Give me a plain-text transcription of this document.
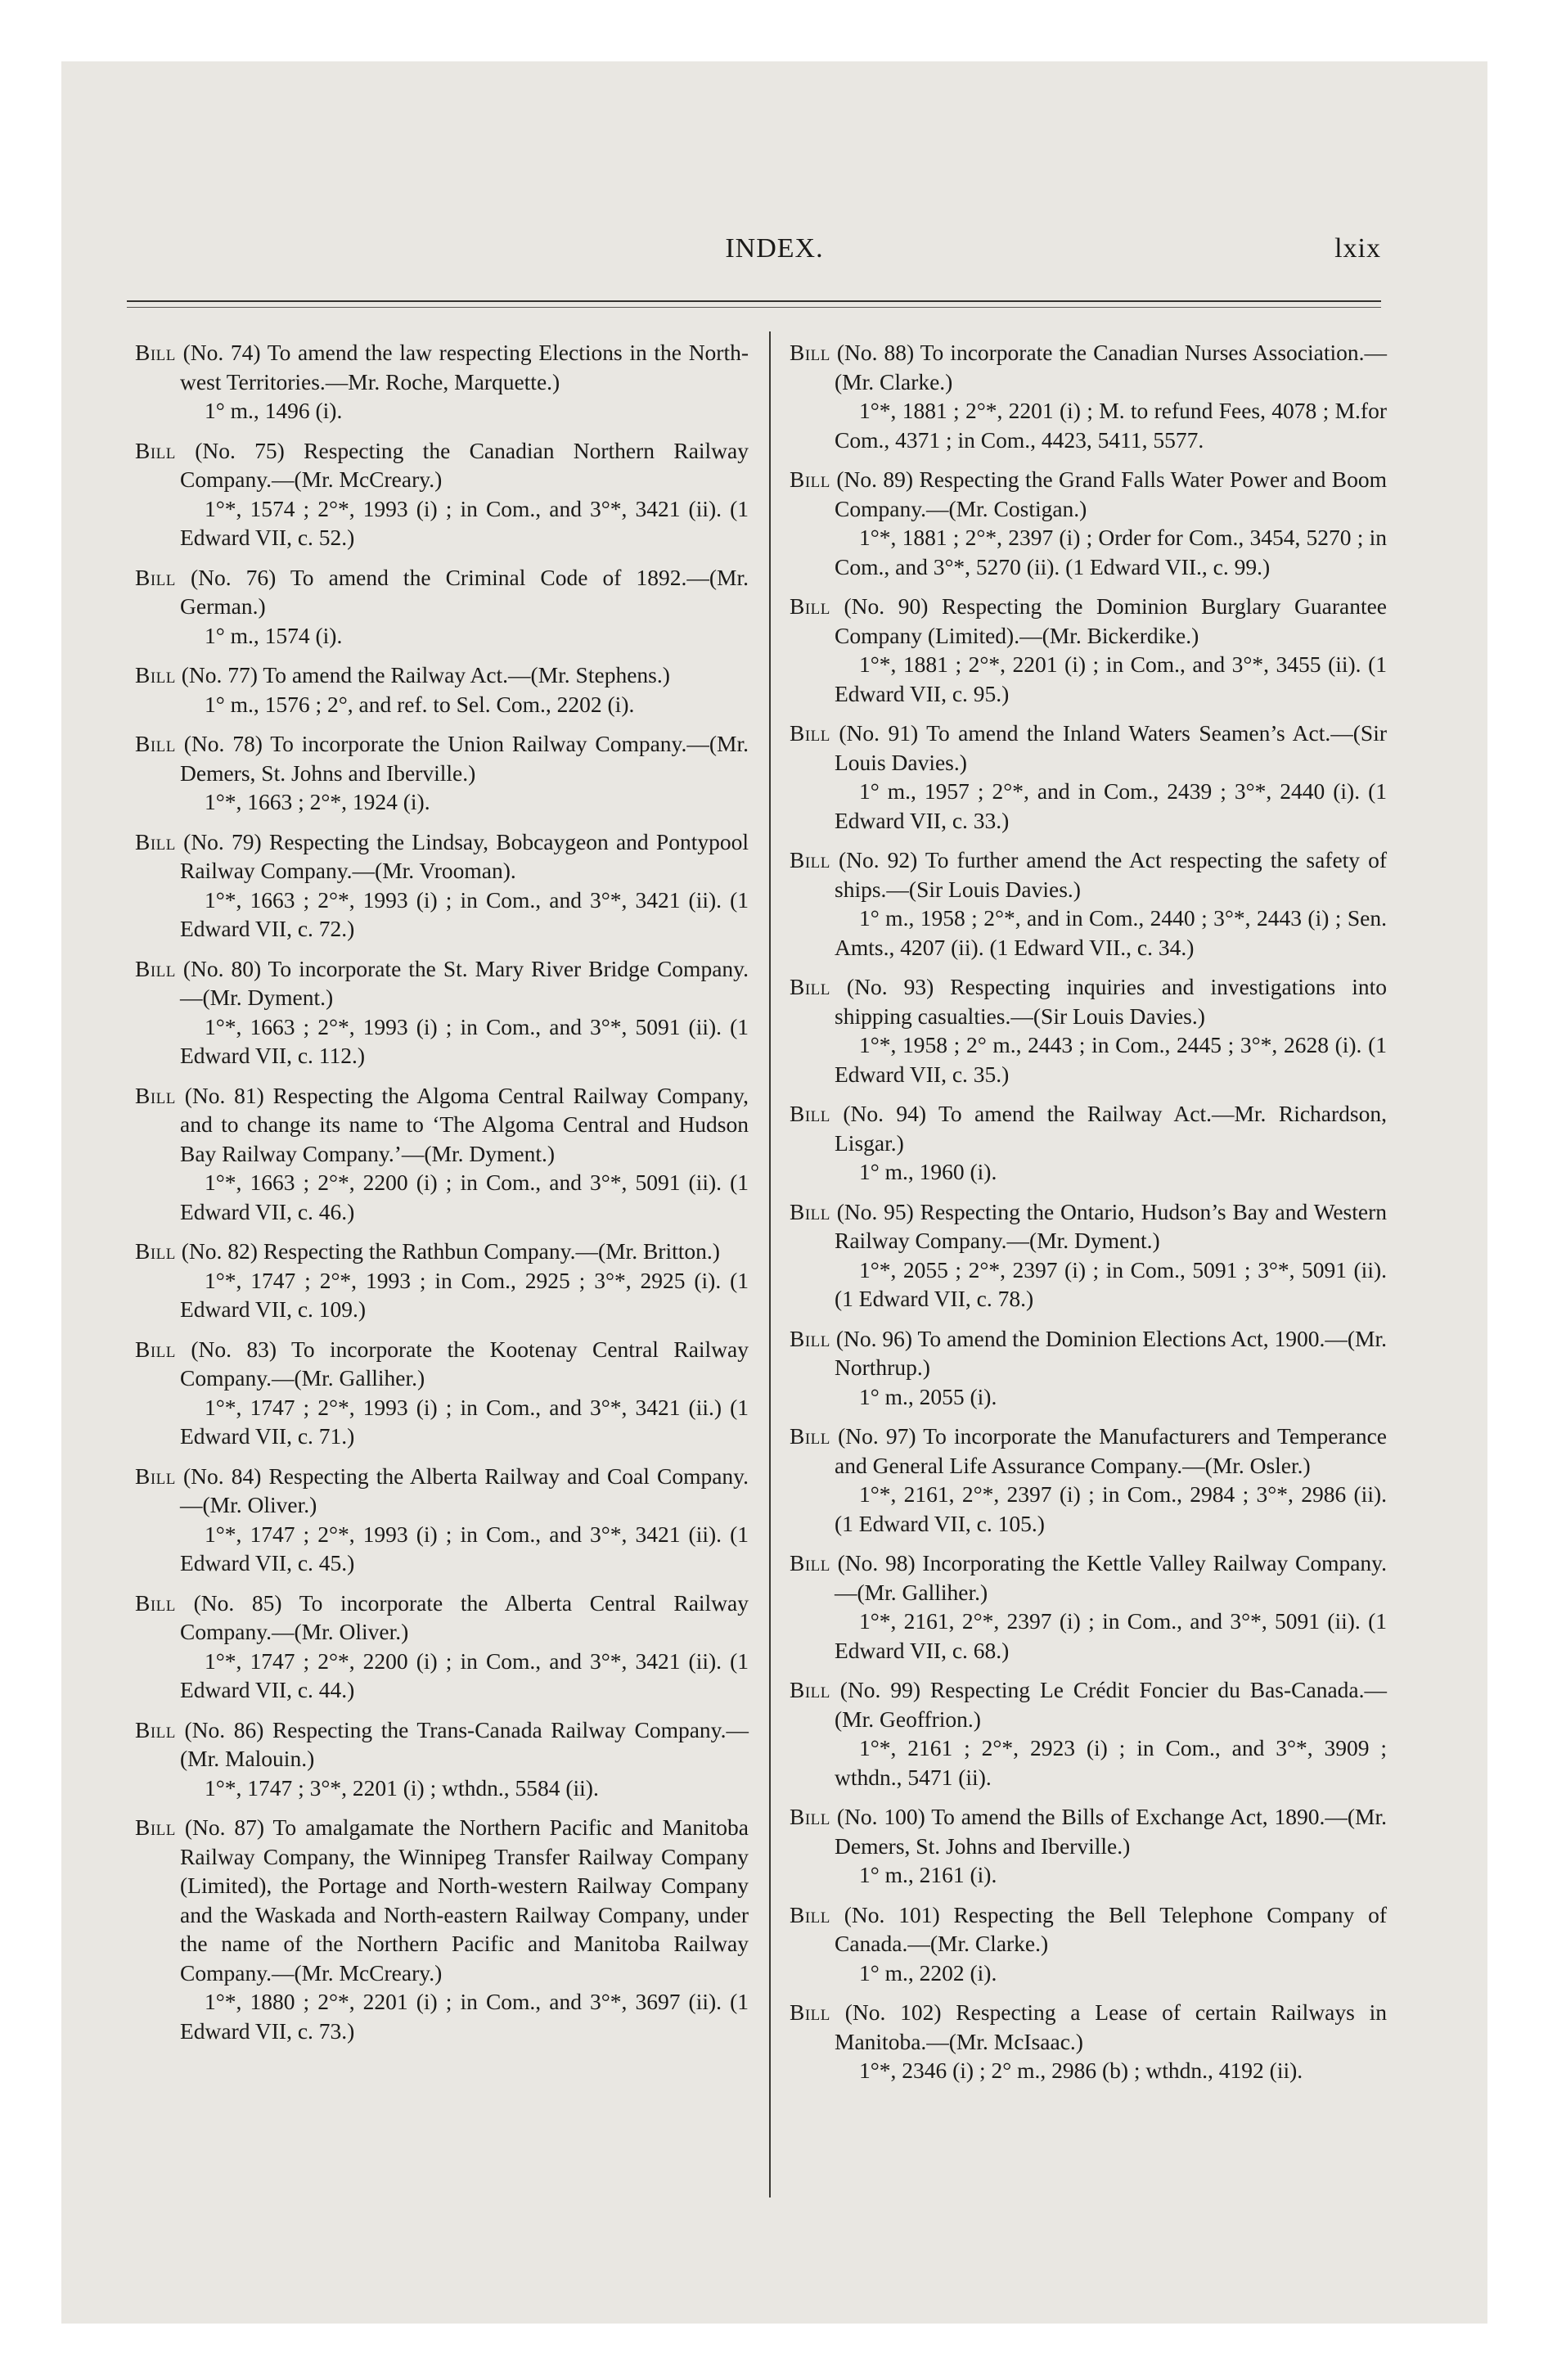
INDEX.	lxix
Bill (No. 74) To amend the law respecting Elections in the North-west Territories.—Mr. Roche, Marquette.)
1° m., 1496 (i).
Bill (No. 75) Respecting the Canadian Northern Railway Company.—(Mr. McCreary.)
1°*, 1574 ; 2°*, 1993 (i) ; in Com., and 3°*, 3421 (ii). (1 Edward VII, c. 52.)
Bill (No. 76) To amend the Criminal Code of 1892.—(Mr. German.)
1° m., 1574 (i).
Bill (No. 77) To amend the Railway Act.—(Mr. Stephens.)
1° m., 1576 ; 2°, and ref. to Sel. Com., 2202 (i).
Bill (No. 78) To incorporate the Union Railway Company.—(Mr. Demers, St. Johns and Iberville.)
1°*, 1663 ; 2°*, 1924 (i).
Bill (No. 79) Respecting the Lindsay, Bobcaygeon and Pontypool Railway Company.—(Mr. Vrooman).
1°*, 1663 ; 2°*, 1993 (i) ; in Com., and 3°*, 3421 (ii). (1 Edward VII, c. 72.)
Bill (No. 80) To incorporate the St. Mary River Bridge Company.—(Mr. Dyment.)
1°*, 1663 ; 2°*, 1993 (i) ; in Com., and 3°*, 5091 (ii). (1 Edward VII, c. 112.)
Bill (No. 81) Respecting the Algoma Central Railway Company, and to change its name to ‘The Algoma Central and Hudson Bay Railway Company.’—(Mr. Dyment.)
1°*, 1663 ; 2°*, 2200 (i) ; in Com., and 3°*, 5091 (ii). (1 Edward VII, c. 46.)
Bill (No. 82) Respecting the Rathbun Company.—(Mr. Britton.)
1°*, 1747 ; 2°*, 1993 ; in Com., 2925 ; 3°*, 2925 (i). (1 Edward VII, c. 109.)
Bill (No. 83) To incorporate the Kootenay Central Railway Company.—(Mr. Galliher.)
1°*, 1747 ; 2°*, 1993 (i) ; in Com., and 3°*, 3421 (ii.) (1 Edward VII, c. 71.)
Bill (No. 84) Respecting the Alberta Railway and Coal Company.—(Mr. Oliver.)
1°*, 1747 ; 2°*, 1993 (i) ; in Com., and 3°*, 3421 (ii). (1 Edward VII, c. 45.)
Bill (No. 85) To incorporate the Alberta Central Railway Company.—(Mr. Oliver.)
1°*, 1747 ; 2°*, 2200 (i) ; in Com., and 3°*, 3421 (ii). (1 Edward VII, c. 44.)
Bill (No. 86) Respecting the Trans-Canada Railway Company.—(Mr. Malouin.)
1°*, 1747 ; 3°*, 2201 (i) ; wthdn., 5584 (ii).
Bill (No. 87) To amalgamate the Northern Pacific and Manitoba Railway Company, the Winnipeg Transfer Railway Company (Limited), the Portage and North-western Railway Company and the Waskada and North-eastern Railway Company, under the name of the Northern Pacific and Manitoba Railway Company.—(Mr. McCreary.)
1°*, 1880 ; 2°*, 2201 (i) ; in Com., and 3°*, 3697 (ii). (1 Edward VII, c. 73.)
Bill (No. 88) To incorporate the Canadian Nurses Association.—(Mr. Clarke.)
1°*, 1881 ; 2°*, 2201 (i) ; M. to refund Fees, 4078 ; M.for Com., 4371 ; in Com., 4423, 5411, 5577.
Bill (No. 89) Respecting the Grand Falls Water Power and Boom Company.—(Mr. Costigan.)
1°*, 1881 ; 2°*, 2397 (i) ; Order for Com., 3454, 5270 ; in Com., and 3°*, 5270 (ii). (1 Edward VII., c. 99.)
Bill (No. 90) Respecting the Dominion Burglary Guarantee Company (Limited).—(Mr. Bickerdike.)
1°*, 1881 ; 2°*, 2201 (i) ; in Com., and 3°*, 3455 (ii). (1 Edward VII, c. 95.)
Bill (No. 91) To amend the Inland Waters Seamen’s Act.—(Sir Louis Davies.)
1° m., 1957 ; 2°*, and in Com., 2439 ; 3°*, 2440 (i). (1 Edward VII, c. 33.)
Bill (No. 92) To further amend the Act respecting the safety of ships.—(Sir Louis Davies.)
1° m., 1958 ; 2°*, and in Com., 2440 ; 3°*, 2443 (i) ; Sen. Amts., 4207 (ii). (1 Edward VII., c. 34.)
Bill (No. 93) Respecting inquiries and investigations into shipping casualties.—(Sir Louis Davies.)
1°*, 1958 ; 2° m., 2443 ; in Com., 2445 ; 3°*, 2628 (i). (1 Edward VII, c. 35.)
Bill (No. 94) To amend the Railway Act.—Mr. Richardson, Lisgar.)
1° m., 1960 (i).
Bill (No. 95) Respecting the Ontario, Hudson’s Bay and Western Railway Company.—(Mr. Dyment.)
1°*, 2055 ; 2°*, 2397 (i) ; in Com., 5091 ; 3°*, 5091 (ii). (1 Edward VII, c. 78.)
Bill (No. 96) To amend the Dominion Elections Act, 1900.—(Mr. Northrup.)
1° m., 2055 (i).
Bill (No. 97) To incorporate the Manufacturers and Temperance and General Life Assurance Company.—(Mr. Osler.)
1°*, 2161, 2°*, 2397 (i) ; in Com., 2984 ; 3°*, 2986 (ii). (1 Edward VII, c. 105.)
Bill (No. 98) Incorporating the Kettle Valley Railway Company.—(Mr. Galliher.)
1°*, 2161, 2°*, 2397 (i) ; in Com., and 3°*, 5091 (ii). (1 Edward VII, c. 68.)
Bill (No. 99) Respecting Le Crédit Foncier du Bas-Canada.—(Mr. Geoffrion.)
1°*, 2161 ; 2°*, 2923 (i) ; in Com., and 3°*, 3909 ; wthdn., 5471 (ii).
Bill (No. 100) To amend the Bills of Exchange Act, 1890.—(Mr. Demers, St. Johns and Iberville.)
1° m., 2161 (i).
Bill (No. 101) Respecting the Bell Telephone Company of Canada.—(Mr. Clarke.)
1° m., 2202 (i).
Bill (No. 102) Respecting a Lease of certain Railways in Manitoba.—(Mr. McIsaac.)
1°*, 2346 (i) ; 2° m., 2986 (b) ; wthdn., 4192 (ii).
